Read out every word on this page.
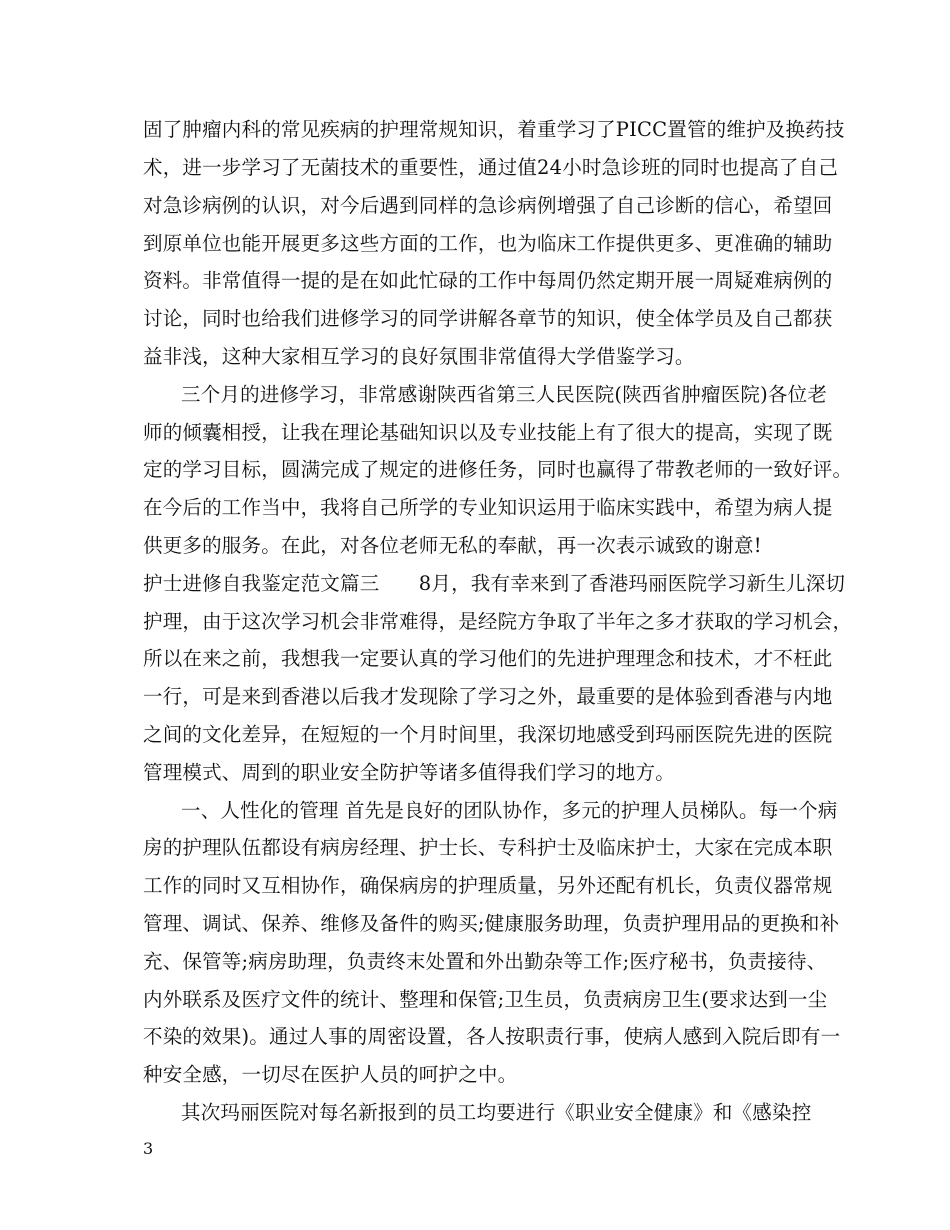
固了肿瘤内科的常见疾病的护理常规知识，着重学习了PICC置管的维护及换药技
术，进一步学习了无菌技术的重要性，通过值24小时急诊班的同时也提高了自己
对急诊病例的认识，对今后遇到同样的急诊病例增强了自己诊断的信心，希望回
到原单位也能开展更多这些方面的工作，也为临床工作提供更多、更准确的辅助
资料。非常值得一提的是在如此忙碌的工作中每周仍然定期开展一周疑难病例的
讨论，同时也给我们进修学习的同学讲解各章节的知识，使全体学员及自己都获
益非浅，这种大家相互学习的良好氛围非常值得大学借鉴学习。
三个月的进修学习，非常感谢陕西省第三人民医院(陕西省肿瘤医院)各位老
师的倾囊相授，让我在理论基础知识以及专业技能上有了很大的提高，实现了既
定的学习目标，圆满完成了规定的进修任务，同时也赢得了带教老师的一致好评。
在今后的工作当中，我将自己所学的专业知识运用于临床实践中，希望为病人提
供更多的服务。在此，对各位老师无私的奉献，再一次表示诚致的谢意!
护士进修自我鉴定范文篇三　　8月，我有幸来到了香港玛丽医院学习新生儿深切
护理，由于这次学习机会非常难得，是经院方争取了半年之多才获取的学习机会，
所以在来之前，我想我一定要认真的学习他们的先进护理理念和技术，才不枉此
一行，可是来到香港以后我才发现除了学习之外，最重要的是体验到香港与内地
之间的文化差异，在短短的一个月时间里，我深切地感受到玛丽医院先进的医院
管理模式、周到的职业安全防护等诸多值得我们学习的地方。
一、人性化的管理 首先是良好的团队协作，多元的护理人员梯队。每一个病
房的护理队伍都设有病房经理、护士长、专科护士及临床护士，大家在完成本职
工作的同时又互相协作，确保病房的护理质量，另外还配有机长，负责仪器常规
管理、调试、保养、维修及备件的购买;健康服务助理，负责护理用品的更换和补
充、保管等;病房助理，负责终末处置和外出勤杂等工作;医疗秘书，负责接待、
内外联系及医疗文件的统计、整理和保管;卫生员，负责病房卫生(要求达到一尘
不染的效果)。通过人事的周密设置，各人按职责行事，使病人感到入院后即有一
种安全感，一切尽在医护人员的呵护之中。
其次玛丽医院对每名新报到的员工均要进行《职业安全健康》和《感染控
3
